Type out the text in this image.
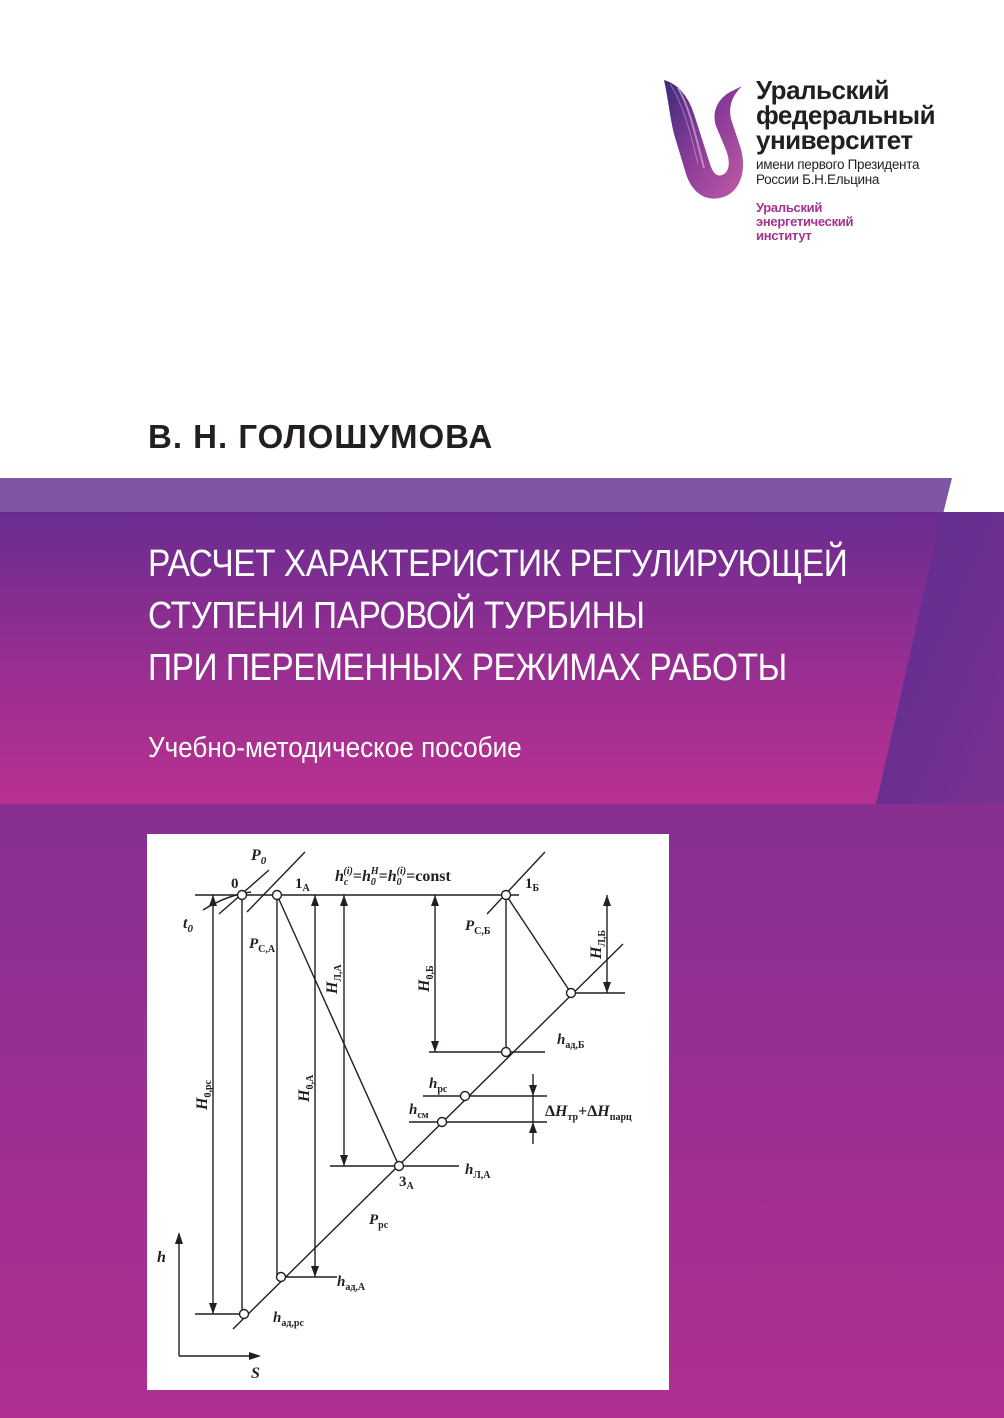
Уральский
федеральный
университет
имени первого Президента
России Б.Н.Ельцина
Уральский
энергетический
институт
В. Н. ГОЛОШУМОВА
РАСЧЕТ ХАРАКТЕРИСТИК РЕГУЛИРУЮЩЕЙ
СТУПЕНИ ПАРОВОЙ ТУРБИНЫ
ПРИ ПЕРЕМЕННЫХ РЕЖИМАХ РАБОТЫ
Учебно-методическое пособие
$P_0$
0	$1_А$
$h_c(i)=h_0H=h_0(i)=const$	$1_Б$
$t_0$
$P_{С,А}$
$P_{С,Б}$
$H_{Л,А}$
$H_{0,Б}$
$H_{Л,Б}$
$H_{0,рс}$	$H_{0,А}$
$h_{ад,Б}$
$h_{рс}$
$h_{см}$	$\Delta H_{тр}+\Delta H_{парц}$
$3_А$
$h_{Л,А}$
$P_{рс}$
h
$h_{ад,А}$
$h_{ад,рс}$
S
